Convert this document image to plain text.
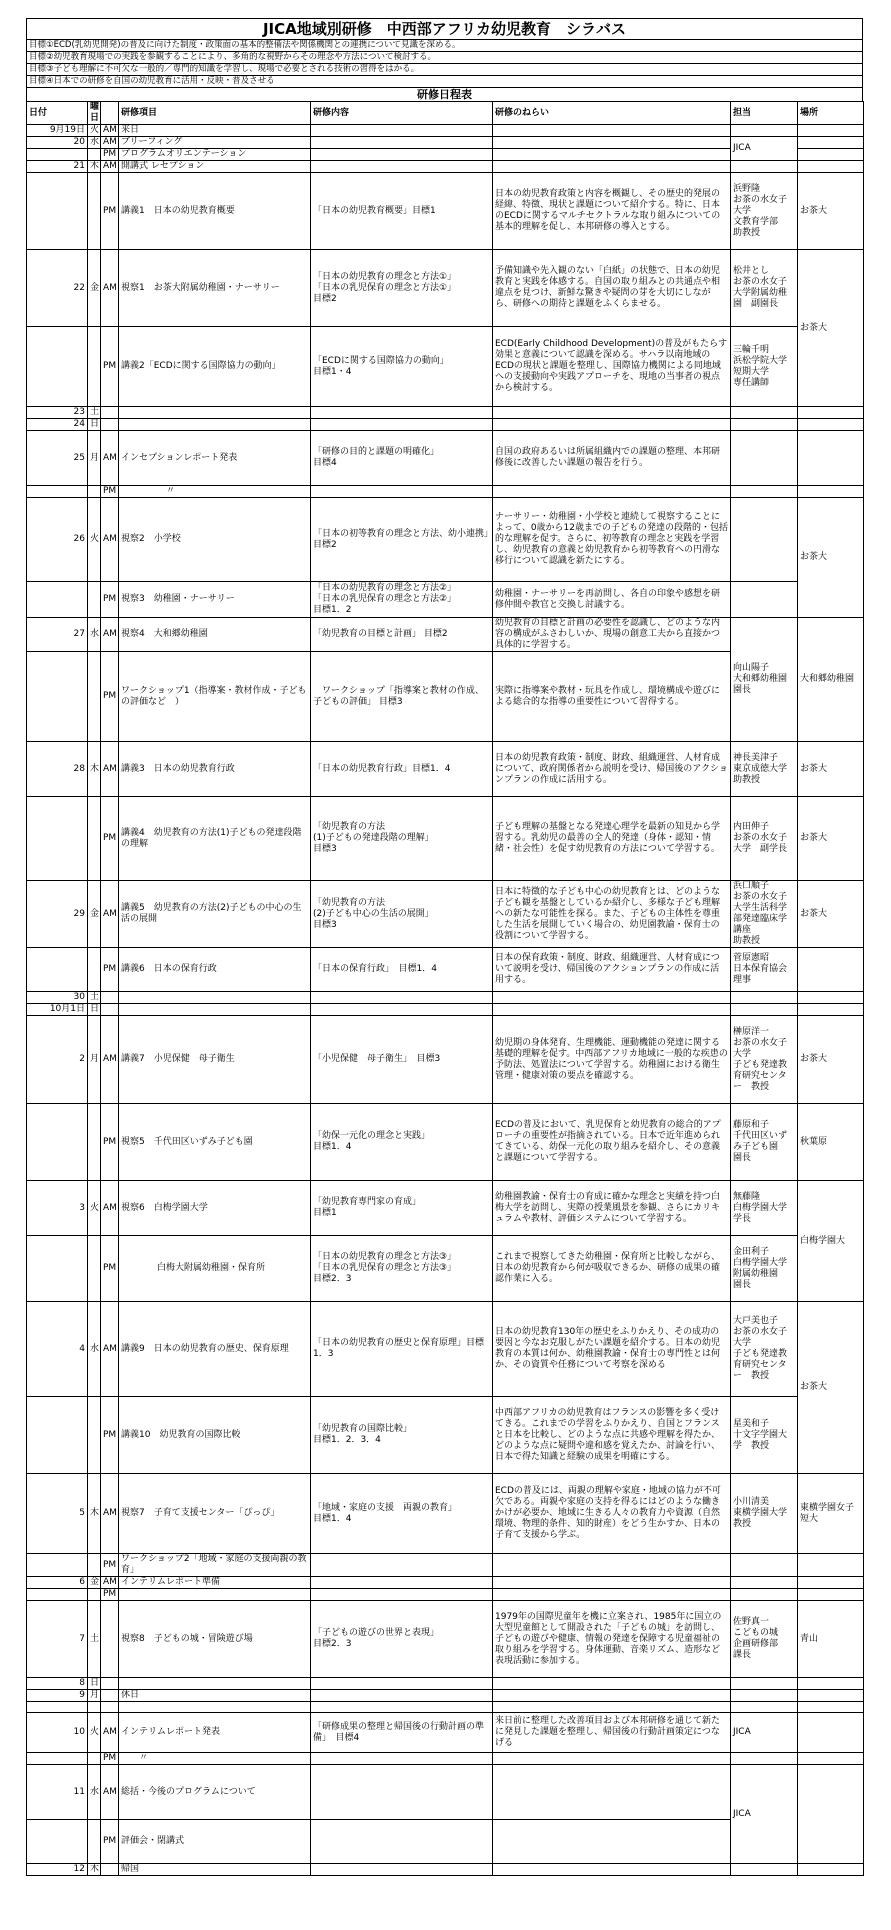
JICA地域別研修　中西部アフリカ幼児教育　シラバス
目標①ECD(乳幼児開発)の普及に向けた制度・政策面の基本的整備法や関係機関との連携について見識を深める。
目標②幼児教育現場での実践を参観することにより、多角的な視野からその理念や方法について検討する。
目標③子ども理解に不可欠な一般的／専門的知識を学習し、現場で必要とされる技術の習得をはかる。
目標④日本での研修を自国の幼児教育に活用・反映・普及させる
研修日程表
日付	曜日		研修項目	研修内容	研修のねらい	担当	場所
9月19日	火	AM	来日				
20	水	AM	ブリーフィング			JICA	
		PM	プログラムオリエンテーション				
21	木	AM	開講式 レセプション				
		PM	講義1　日本の幼児教育概要	「日本の幼児教育概要」目標1	日本の幼児教育政策と内容を概観し、その歴史的発展の経緯、特徴、現状と課題について紹介する。特に、日本のECDに関するマルチセクトラルな取り組みについての基本的理解を促し、本邦研修の導入とする。	浜野隆
お茶の水女子大学
文教育学部　助教授	お茶大
22	金	AM	視察1　お茶大附属幼稚園・ナーサリー	「日本の幼児教育の理念と方法①」
「日本の乳児保育の理念と方法①」
目標2	予備知識や先入観のない「白紙」の状態で、日本の幼児教育と実践を体感する。自国の取り組みとの共通点や相違点を見つけ、新鮮な驚きや疑問の芽を大切にしながら、研修への期待と課題をふくらませる。	松井とし
お茶の水女子大学附属幼稚園　副園長	お茶大
		PM	講義2「ECDに関する国際協力の動向」	「ECDに関する国際協力の動向」
目標1・4	ECD(Early Childhood Development)の普及がもたらす効果と意義について認識を深める。サハラ以南地域のECDの現状と課題を整理し、国際協力機関による同地域への支援動向や実践アプローチを、現地の当事者の視点から検討する。	三輪千明
浜松学院大学短期大学
専任講師	
23	土						
24	日						
25	月	AM	インセプションレポート発表	「研修の目的と課題の明確化」
目標4	自国の政府あるいは所属組織内での課題の整理、本邦研修後に改善したい課題の報告を行う。		
		PM	　　　　　〃				
26	火	AM	視察2　小学校	「日本の初等教育の理念と方法、幼小連携」目標2	ナーサリー・幼稚園・小学校と連続して視察することによって、0歳から12歳までの子どもの発達の段階的・包括的な理解を促す。さらに、初等教育の理念と実践を学習し、幼児教育の意義と幼児教育から初等教育への円滑な移行について認識を新たにする。		お茶大
		PM	視察3　幼稚園・ナーサリー	「日本の幼児教育の理念と方法②」
「日本の乳児保育の理念と方法②」
目標1．2	幼稚園・ナーサリーを再訪問し、各自の印象や感想を研修仲間や教官と交換し討議する。		
27	水	AM	視察4　大和郷幼稚園	「幼児教育の目標と計画」 目標2	幼児教育の目標と計画の必要性を認識し、どのような内容の構成がふさわしいか、現場の創意工夫から直接かつ具体的に学習する。	向山陽子
大和郷幼稚園　園長	大和郷幼稚園
		PM	ワークショップ1（指導案・教材作成・子どもの評価など　）	　ワークショップ「指導案と教材の作成、子どもの評価」 目標3	実際に指導案や教材・玩具を作成し、環境構成や遊びによる総合的な指導の重要性について習得する。		
28	木	AM	講義3　日本の幼児教育行政	「日本の幼児教育行政」目標1．4	日本の幼児教育政策・制度、財政、組織運営、人材育成について、政府関係者から説明を受け、帰国後のアクションプランの作成に活用する。	神長美津子
東京成徳大学　助教授	お茶大
		PM	講義4　幼児教育の方法(1)子どもの発達段階の理解	「幼児教育の方法
(1)子どもの発達段階の理解」
目標3	子ども理解の基盤となる発達心理学を最新の知見から学習する。乳幼児の最善の全人的発達（身体・認知・情緒・社会性）を促す幼児教育の方法について学習する。	内田伸子
お茶の水女子大学　副学長	お茶大
29	金	AM	講義5　幼児教育の方法(2)子どもの中心の生活の展開	「幼児教育の方法
(2)子ども中心の生活の展開」
目標3	日本に特徴的な子ども中心の幼児教育とは、どのような子ども観を基盤としているか紹介し、多様な子ども理解への新たな可能性を探る。また、子どもの主体性を尊重した生活を展開していく場合の、幼児園教諭・保育士の役割について学習する。	浜口順子
お茶の水女子大学生活科学部発達臨床学講座
助教授	お茶大
		PM	講義6　日本の保育行政	「日本の保育行政」　目標1．4	日本の保育政策・制度、財政、組織運営、人材育成について説明を受け、帰国後のアクションプランの作成に活用する。	菅原憲昭
日本保育協会　理事	
30	土						
10月1日	日						
2	月	AM	講義7　小児保健　母子衛生	「小児保健　母子衛生」　目標3	幼児期の身体発育、生理機能、運動機能の発達に関する基礎的理解を促す。中西部アフリカ地域に一般的な疾患の予防法、処置法について学習する。幼稚園における衛生管理・健康対策の要点を確認する。	榊原洋一
お茶の水女子大学
子ども発達教育研究センター　教授	お茶大
		PM	視察5　千代田区いずみ子ども園	「幼保一元化の理念と実践」
目標1．4	ECDの普及において、乳児保育と幼児教育の総合的アプローチの重要性が指摘されている。日本で近年進められてきている、幼保一元化の取り組みを紹介し、その意義と課題について学習する。	藤原和子
千代田区いずみ子ども園
園長	秋葉原
3	火	AM	視察6　白梅学園大学	「幼児教育専門家の育成」
目標1	幼稚園教諭・保育士の育成に確かな理念と実績を持つ白梅大学を訪問し、実際の授業風景を参観、さらにカリキュラムや教材、評価システムについて学習する。	無藤隆
白梅学園大学　学長	白梅学園大
		PM	　　　　白梅大附属幼稚園・保育所	「日本の幼児教育の理念と方法③」
「日本の乳児保育の理念と方法③」
目標2．3	これまで視察してきた幼稚園・保育所と比較しながら、日本の幼児教育から何が吸収できるか、研修の成果の確認作業に入る。	金田利子
白梅学園大学附属幼稚園
園長	
4	水	AM	講義9　日本の幼児教育の歴史、保育原理	「日本の幼児教育の歴史と保育原理」目標1．3	日本の幼児教育130年の歴史をふりかえり、その成功の要因と今なお克服しがたい課題を紹介する。日本の幼児教育の本質は何か、幼稚園教諭・保育士の専門性とは何か、その資質や任務について考察を深める	大戸美也子
お茶の水女子大学
子ども発達教育研究センター　教授	お茶大
		PM	講義10　幼児教育の国際比較	「幼児教育の国際比較」
目標1．2．3．4	中西部アフリカの幼児教育はフランスの影響を多く受けてきる。これまでの学習をふりかえり、自国とフランスと日本を比較し、どのような点に共感や理解を得たか、どのような点に疑問や違和感を覚えたか、討論を行い、日本で得た知識と経験の成果を明確にする。	星美和子
十文字学園大学　教授	
5	木	AM	視察7　子育て支援センター「ぴっぴ」	「地域・家庭の支援　両親の教育」
目標1．4	ECDの普及には、両親の理解や家庭・地域の協力が不可欠である。両親や家庭の支持を得るにはどのような働きかけが必要か、地域に生きる人々の教育力や資源（自然環境、物理的条件、知的財産）をどう生かすか、日本の子育て支援から学ぶ。	小川清美
東横学園大学　教授	東横学園女子短大
		PM	ワークショップ2「地域・家庭の支援両親の教育」				
6	金	AM	インテリムレポート準備				
		PM					
7	土		視察8　子どもの城・冒険遊び場	「子どもの遊びの世界と表現」
目標2．3	1979年の国際児童年を機に立案され、1985年に国立の大型児童館として開設された「子どもの城」を訪問し、子どもの遊びや健康、情報の発達を保障する児童福祉の取り組みを学習する。身体運動、音楽リズム、造形など表現活動に参加する。	佐野真一
こどもの城
企画研修部
課長	青山
8	日						
9	月		休日				

10	火	AM	インテリムレポート発表	「研修成果の整理と帰国後の行動計画の準備」　目標4	来日前に整理した改善項目および本邦研修を通じて新たに発見した課題を整理し、帰国後の行動計画策定につなげる	JICA	
		PM	　　〃				
11	水	AM	総括・今後のプログラムについて			JICA	
		PM	評価会・閉講式				
12	木		帰国				
